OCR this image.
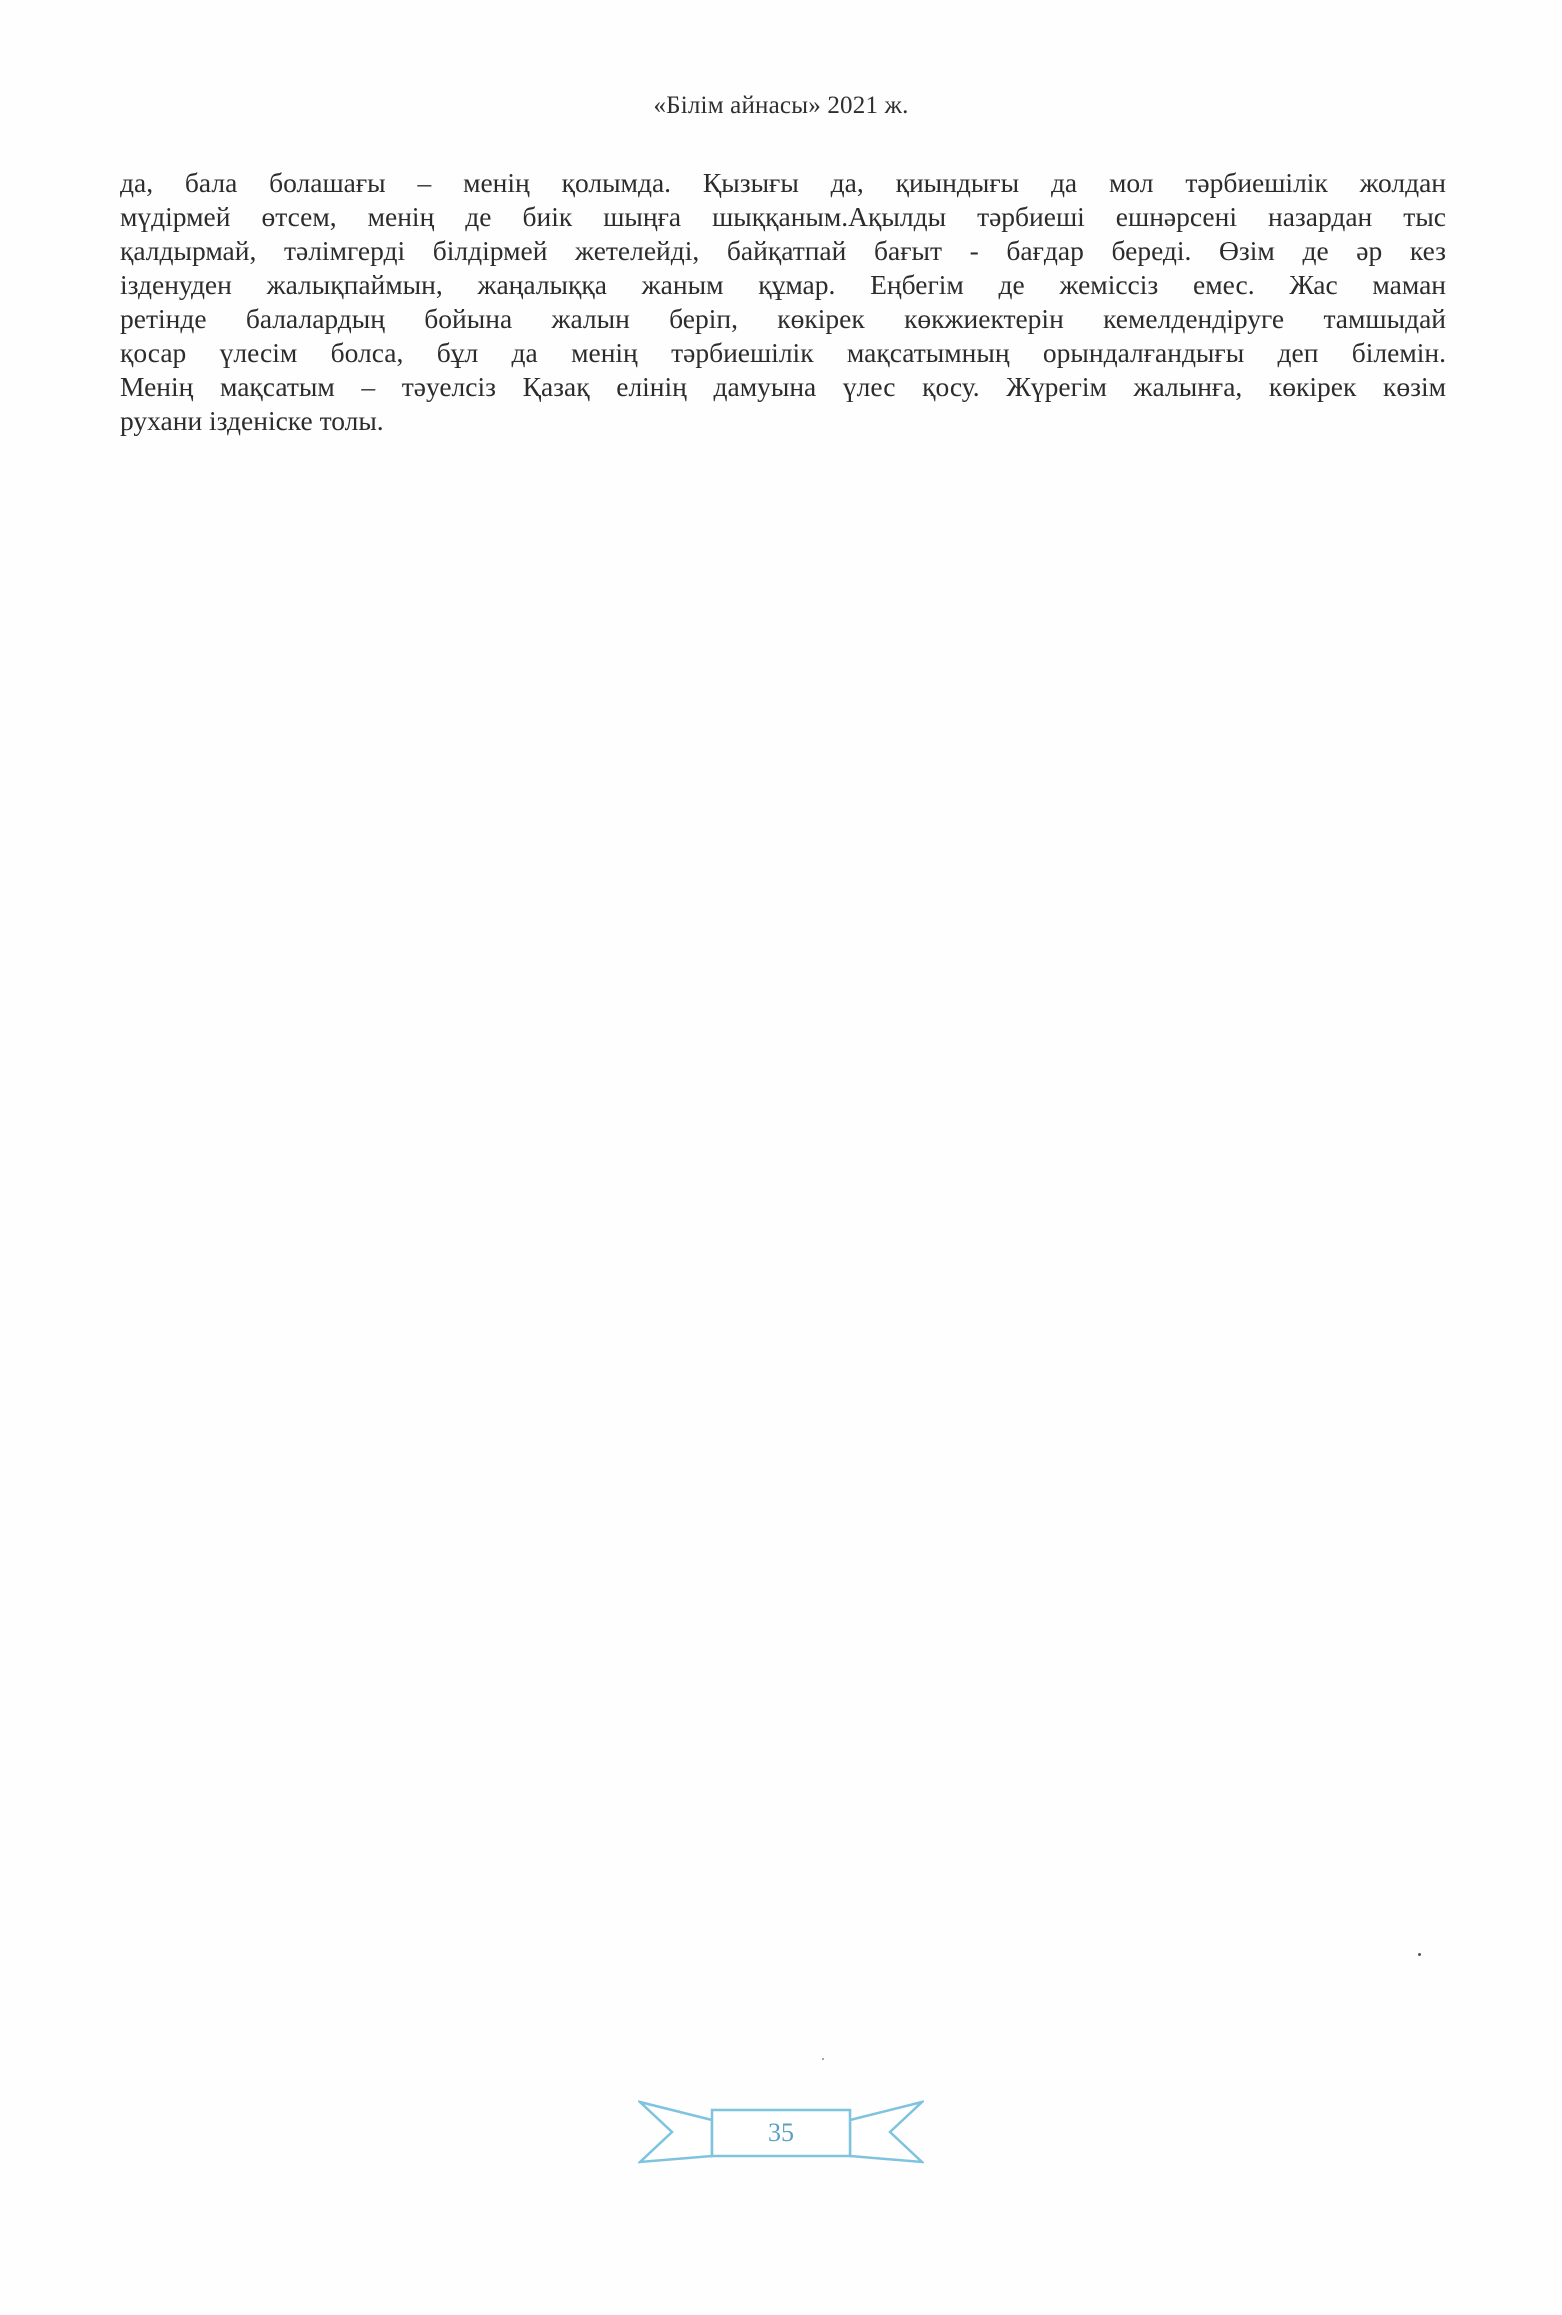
«Білім айнасы» 2021 ж.
да, бала болашағы – менің қолымда. Қызығы да, қиындығы да мол тәрбиешілік жолдан
мүдірмей өтсем, менің де биік шыңға шыққаным.Ақылды тәрбиеші ешнәрсені назардан тыс
қалдырмай, тәлімгерді білдірмей жетелейді, байқатпай бағыт - бағдар береді. Өзім де әр кез
ізденуден жалықпаймын, жаңалыққа жаным құмар. Еңбегім де жеміссіз емес. Жас маман
ретінде балалардың бойына жалын беріп, көкірек көкжиектерін кемелдендіруге тамшыдай
қосар үлесім болса, бұл да менің тәрбиешілік мақсатымның орындалғандығы деп білемін.
Менің мақсатым – тәуелсіз Қазақ елінің дамуына үлес қосу. Жүрегім жалынға, көкірек көзім
рухани ізденіске толы.
35
